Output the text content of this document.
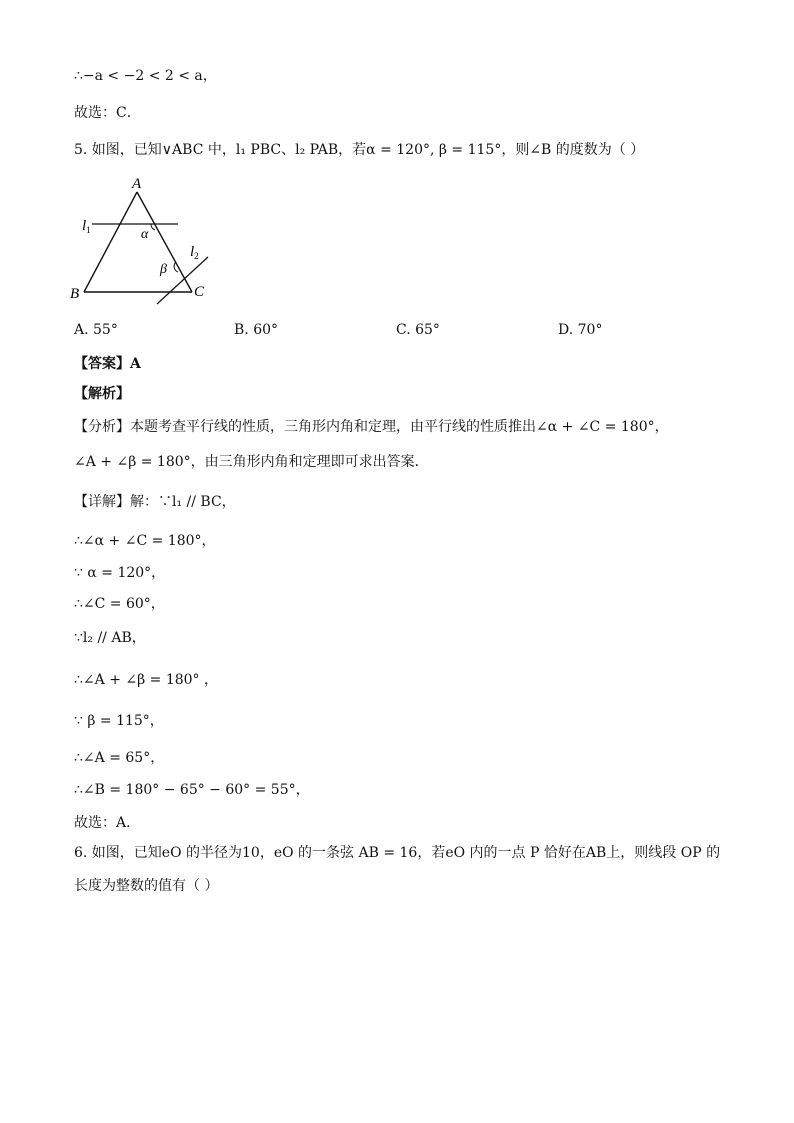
∴−a < −2 < 2 < a，
故选：C．
5. 如图，已知∨ABC 中，l₁ PBC、l₂ PAB，若α = 120°, β = 115°，则∠B 的度数为（ ）
A
B	C
$l_1$
$l_2$
α
β
A. 55°	B. 60°	C. 65°	D. 70°
【答案】A
【解析】
【分析】本题考查平行线的性质，三角形内角和定理，由平行线的性质推出∠α + ∠C = 180°，
∠A + ∠β = 180°，由三角形内角和定理即可求出答案．
【详解】解：∵l₁ // BC，
∴∠α + ∠C = 180°，
∵ α = 120°，
∴∠C = 60°，
∵l₂ // AB，
∴∠A + ∠β = 180° ，
∵ β = 115°，
∴∠A = 65°，
∴∠B = 180° − 65° − 60° = 55°，
故选：A．
6. 如图，已知eO 的半径为10，eO 的一条弦 AB = 16，若eO 内的一点 P 恰好在AB上，则线段 OP 的
长度为整数的值有（ ）
